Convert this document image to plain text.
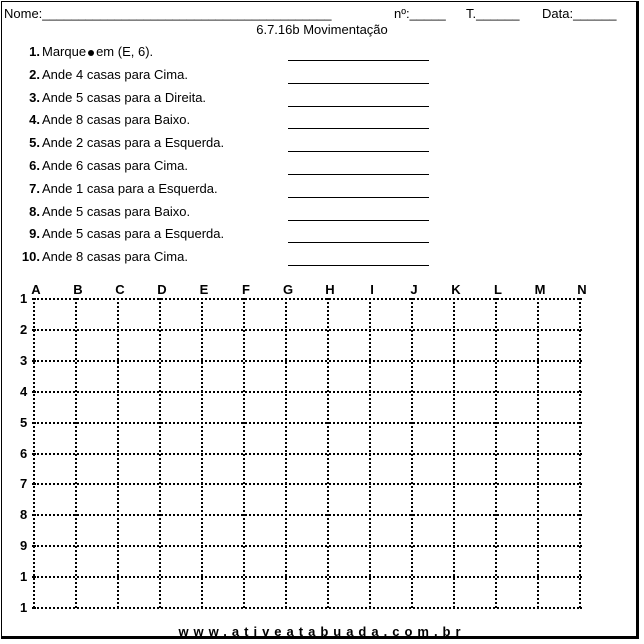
Nome:________________________________________	nº:_____ T.______ Data:______
6.7.16b Movimentação
1. Marque em (E, 6).
2. Ande 4 casas para Cima.
3. Ande 5 casas para a Direita.
4. Ande 8 casas para Baixo.
5. Ande 2 casas para a Esquerda.
6. Ande 6 casas para Cima.
7. Ande 1 casa para a Esquerda.
8. Ande 5 casas para Baixo.
9. Ande 5 casas para a Esquerda.
10. Ande 8 casas para Cima.
A	B	C	D	E	F	G H	I	J	K	L	M N
1
2
3
4
5
6
7
8
9
1
1
www.ativeatabuada.com.br
